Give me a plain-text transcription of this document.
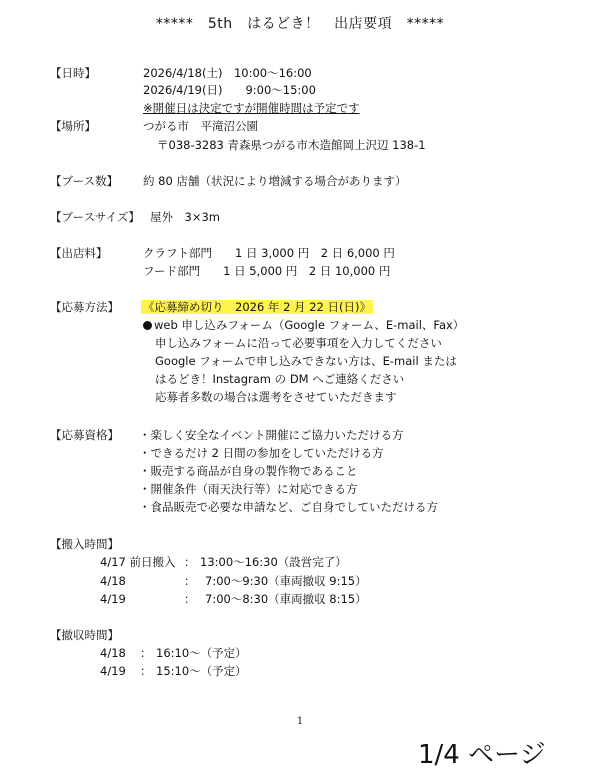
*****　5th　はるどき！　出店要項　*****
【日時】	2026/4/18(土)　10:00～16:00
2026/4/19(日)　　9:00～15:00
※開催日は決定ですが開催時間は予定です
【場所】	つがる市　平滝沼公園
〒038-3283 青森県つがる市木造館岡上沢辺 138-1
【ブース数】 約 80 店舗（状況により増減する場合があります）
【ブースサイズ】 屋外　3×3m
【出店料】	クラフト部門　　1 日 3,000 円　2 日 6,000 円
フード部門　　1 日 5,000 円　2 日 10,000 円
【応募方法】 《応募締め切り　2026 年 2 月 22 日(日)》
web 申し込みフォーム（Google フォーム、E-mail、Fax）
申し込みフォームに沿って必要事項を入力してください
Google フォームで申し込みできない方は、E-mail または
はるどき！Instagram の DM へご連絡ください
応募者多数の場合は選考をさせていただきます
【応募資格】 ・楽しく安全なイベント開催にご協力いただける方
・できるだけ 2 日間の参加をしていただける方
・販売する商品が自身の製作物であること
・開催条件（雨天決行等）に対応できる方
・食品販売で必要な申請など、ご自身でしていただける方
【搬入時間】
4/17 前日搬入 ： 13:00～16:30（設営完了）
4/18	： 7:00～9:30（車両撤収 9:15）
4/19	： 7:00～8:30（車両撤収 8:15）
【撤収時間】
4/18 ： 16:10～（予定）
4/19 ： 15:10～（予定）
1
1/4 ページ
